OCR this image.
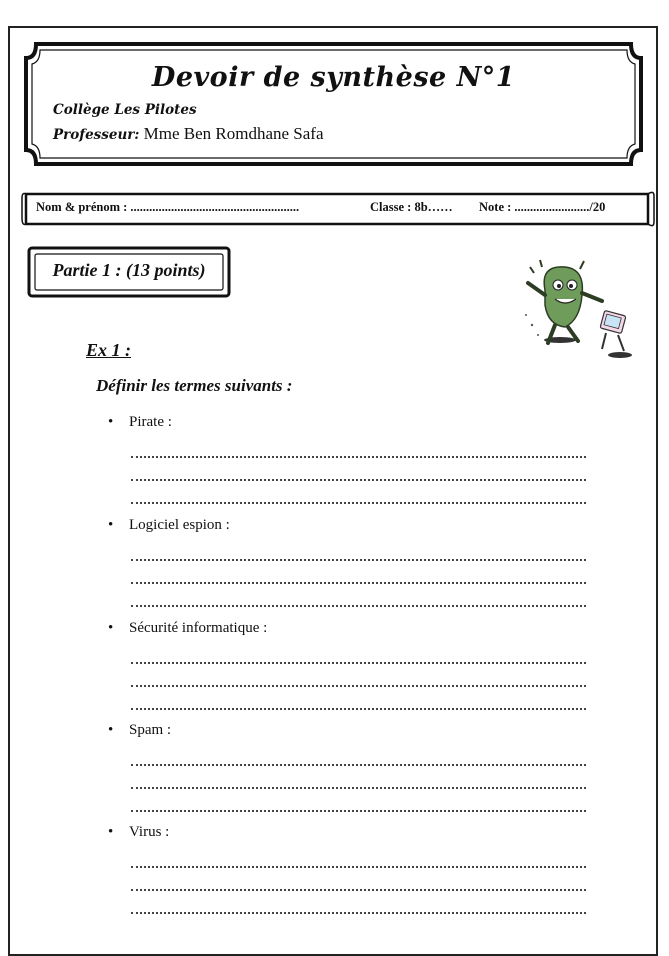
Devoir de synthèse N°1
Collège Les Pilotes
Professeur: Mme Ben Romdhane Safa
Nom & prénom : ......................................................	Classe : 8b…… Note : ......................../20
Partie 1 : (13 points)
Ex 1 :
Définir les termes suivants :
• Pirate :
• Logiciel espion :
• Sécurité informatique :
• Spam :
• Virus :
